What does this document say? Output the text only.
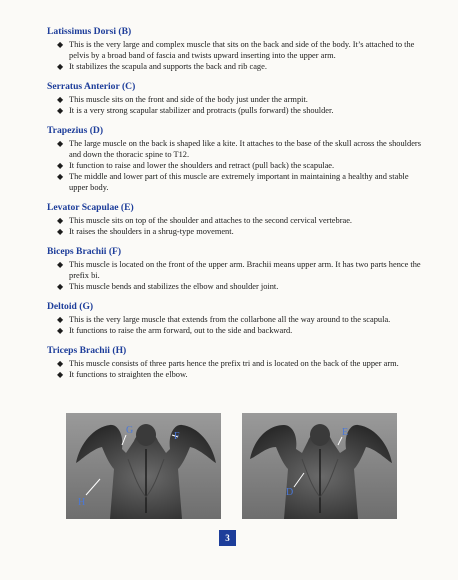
Latissimus Dorsi (B)
◆ This is the very large and complex muscle that sits on the back and side of the body. It’s attached to the pelvis by a broad band of fascia and twists upward inserting into the upper arm.
◆ It stabilizes the scapula and supports the back and rib cage.
Serratus Anterior (C)
◆ This muscle sits on the front and side of the body just under the armpit.
◆ It is a very strong scapular stabilizer and protracts (pulls forward) the shoulder.
Trapezius (D)
◆ The large muscle on the back is shaped like a kite. It attaches to the base of the skull across the shoulders and down the thoracic spine to T12.
◆ It function to raise and lower the shoulders and retract (pull back) the scapulae.
◆ The middle and lower part of this muscle are extremely important in maintaining a healthy and stable upper body.
Levator Scapulae (E)
◆ This muscle sits on top of the shoulder and attaches to the second cervical vertebrae.
◆ It raises the shoulders in a shrug-type movement.
Biceps Brachii (F)
◆ This muscle is located on the front of the upper arm. Brachii means upper arm. It has two parts hence the prefix bi.
◆ This muscle bends and stabilizes the elbow and shoulder joint.
Deltoid (G)
◆ This is the very large muscle that extends from the collarbone all the way around to the scapula.
◆ It functions to raise the arm forward, out to the side and backward.
Triceps Brachii (H)
◆ This muscle consists of three parts hence the prefix tri and is located on the back of the upper arm.
◆ It functions to straighten the elbow.
G
F
H
E
D
3
